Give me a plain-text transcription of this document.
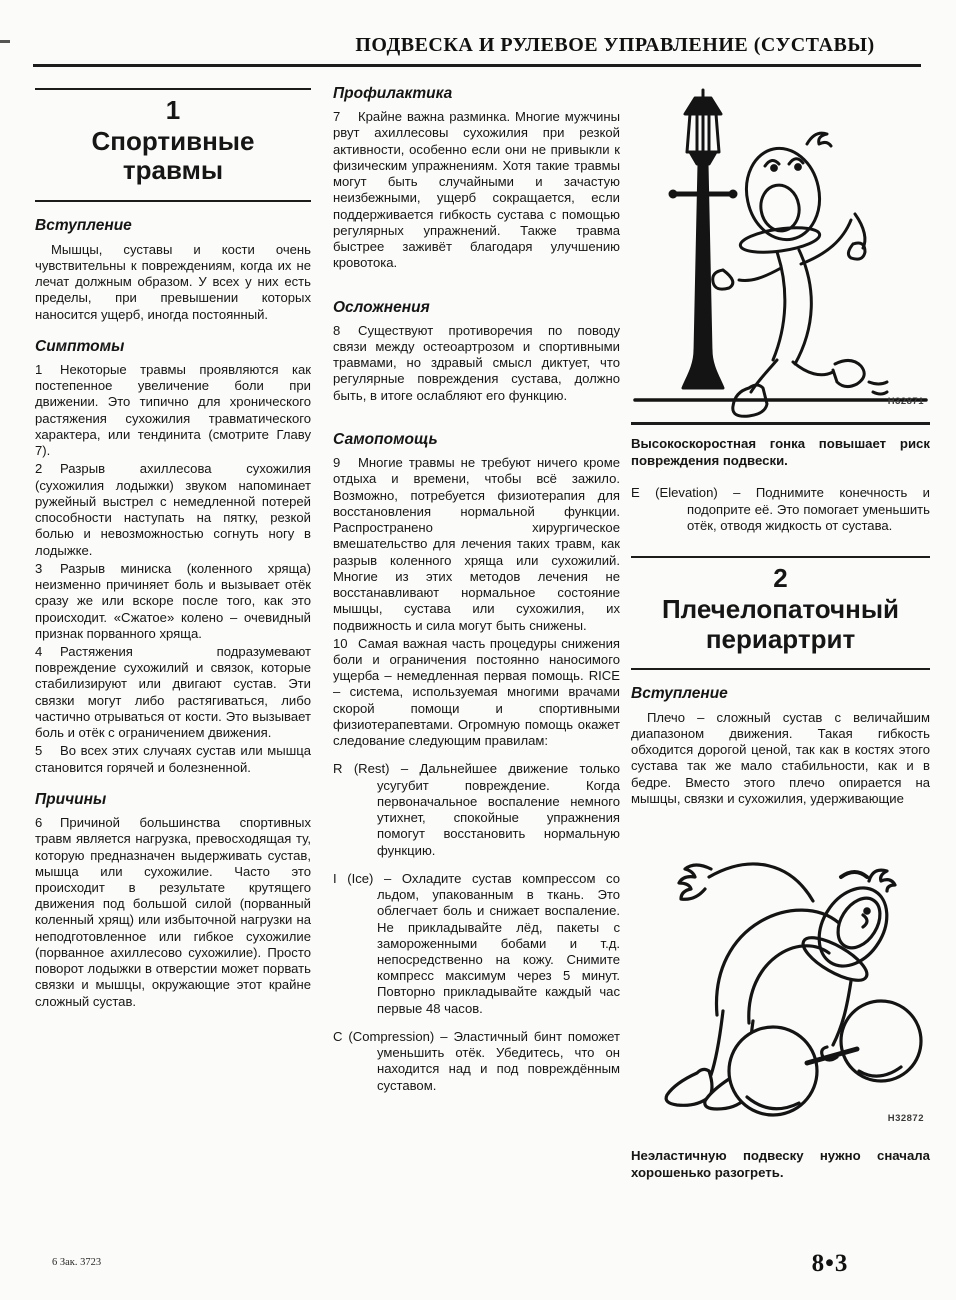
ПОДВЕСКА И РУЛЕВОЕ УПРАВЛЕНИЕ (СУСТАВЫ)
1
Спортивные травмы
Вступление

Мышцы, суставы и кости очень чувствительны к повреждениям, когда их не лечат должным образом. У всех у них есть пределы, при превышении которых наносится ущерб, иногда постоянный.

Симптомы

1 Некоторые травмы проявляются как постепенное увеличение боли при движении. Это типично для хронического растяжения сухожилия травматического характера, или тендинита (смотрите Главу 7).

2 Разрыв ахиллесова сухожилия (сухожилия лодыжки) звуком напоминает ружейный выстрел с немедленной потерей способности наступать на пятку, резкой болью и невозможностью согнуть ногу в лодыжке.

3 Разрыв миниска (коленного хряща) неизменно причиняет боль и вызывает отёк сразу же или вскоре после того, как это происходит. «Сжатое» колено – очевидный признак порванного хряща.

4 Растяжения подразумевают повреждение сухожилий и связок, которые стабилизируют или двигают сустав. Эти связки могут либо растягиваться, либо частично отрываться от кости. Это вызывает боль и отёк с ограничением движения.

5 Во всех этих случаях сустав или мышца становится горячей и болезненной.

Причины

6 Причиной большинства спортивных травм является нагрузка, превосходящая ту, которую предназначен выдерживать сустав, мышца или сухожилие. Часто это происходит в результате крутящего движения под большой силой (порванный коленный хрящ) или избыточной нагрузки на неподготовленное или гибкое сухожилие (порванное ахиллесово сухожилие). Просто поворот лодыжки в отверстии может порвать связки и мышцы, окружающие этот крайне сложный сустав.

Профилактика

7 Крайне важна разминка. Многие мужчины рвут ахиллесовы сухожилия при резкой активности, особенно если они не привыкли к физическим упражнениям. Хотя такие травмы могут быть случайными и зачастую неизбежными, ущерб сокращается, если поддерживается гибкость сустава с помощью регулярных упражнений. Также травма быстрее заживёт благодаря улучшению кровотока.

Осложнения

8 Существуют противоречия по поводу связи между остеоартрозом и спортивными травмами, но здравый смысл диктует, что регулярные повреждения сустава, должно быть, в итоге ослабляют его функцию.

Самопомощь

9 Многие травмы не требуют ничего кроме отдыха и времени, чтобы всё зажило. Возможно, потребуется физиотерапия для восстановления нормальной функции. Распространено хирургическое вмешательство для лечения таких травм, как разрыв коленного хряща или сухожилий. Многие из этих методов лечения не восстанавливают нормальное состояние мышцы, сустава или сухожилия, их подвижность и сила могут быть снижены.

10 Самая важная часть процедуры снижения боли и ограничения постоянно наносимого ущерба – немедленная первая помощь. RICE – система, используемая многими врачами скорой помощи и спортивными физиотерапевтами. Огромную помощь окажет следование следующим правилам:

R (Rest) – Дальнейшее движение только усугубит повреждение. Когда первоначальное воспаление немного утихнет, спокойные упражнения помогут восстановить нормальную функцию.

I (Ice) – Охладите сустав компрессом со льдом, упакованным в ткань. Это облегчает боль и снижает воспаление. Не прикладывайте лёд, пакеты с замороженными бобами и т.д. непосредственно на кожу. Снимите компресс максимум через 5 минут. Повторно прикладывайте каждый час первые 48 часов.

C (Compression) – Эластичный бинт поможет уменьшить отёк. Убедитесь, что он находится над и под повреждённым суставом.

H32871

Высокоскоростная гонка повышает риск повреждения подвески.

E (Elevation) – Поднимите конечность и подоприте её. Это помогает уменьшить отёк, отводя жидкость от сустава.

2
Плечелопаточный периартрит
Вступление

Плечо – сложный сустав с величайшим диапазоном движения. Такая гибкость обходится дорогой ценой, так как в костях этого сустава так же мало стабильности, как и в бедре. Вместо этого плечо опирается на мышцы, связки и сухожилия, удерживающие

H32872

Неэластичную подвеску нужно сначала хорошенько разогреть.

6 Зак. 3723	8•3
